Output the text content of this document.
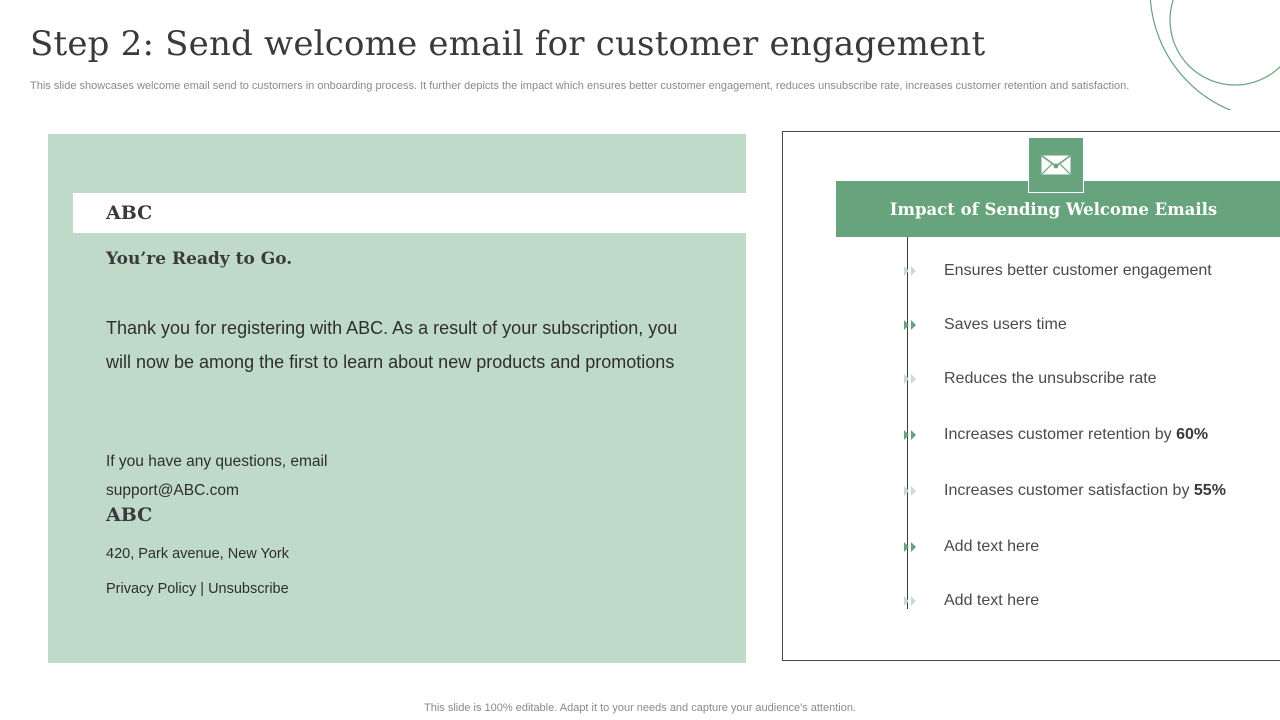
Step 2: Send welcome email for customer engagement

This slide showcases welcome email send to customers in onboarding process. It further depicts the impact which ensures better customer engagement, reduces unsubscribe rate, increases customer retention and satisfaction.

ABC
You’re Ready to Go.

Thank you for registering with ABC. As a result of your subscription, you will now be among the first to learn about new products and promotions

If you have any questions, email support@ABC.com

ABC
420, Park avenue, New York
Privacy Policy | Unsubscribe
Impact of Sending Welcome Emails
Ensures better customer engagement
Saves users time
Reduces the unsubscribe rate
Increases customer retention by 60%
Increases customer satisfaction by 55%
Add text here
Add text here
This slide is 100% editable. Adapt it to your needs and capture your audience's attention.
